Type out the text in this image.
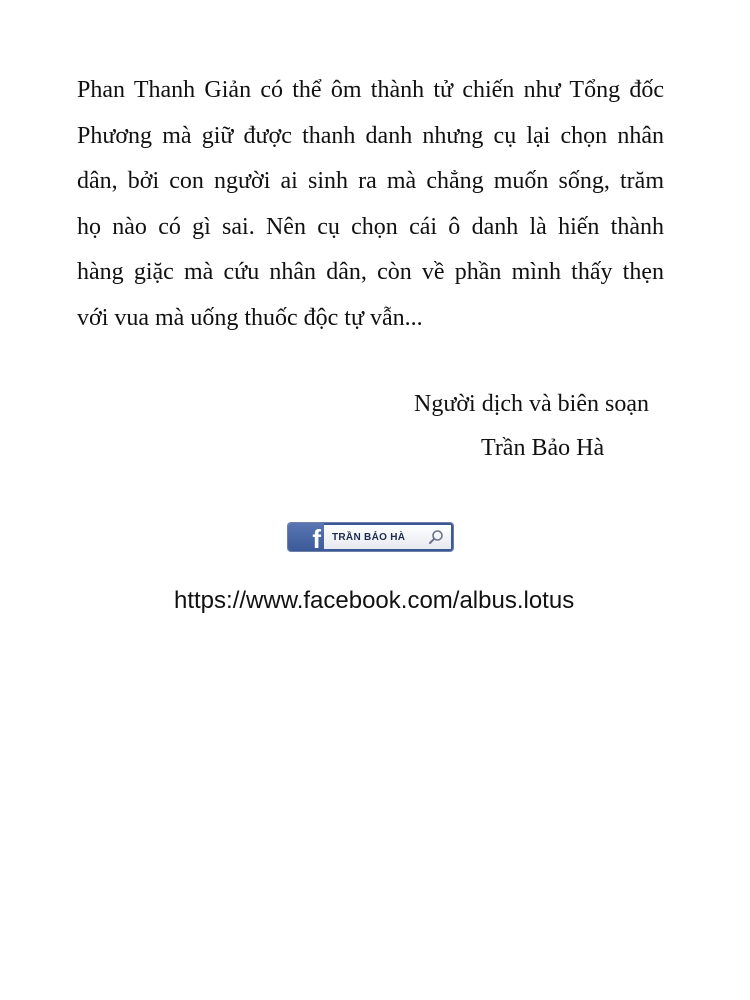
Phan Thanh Giản có thể ôm thành tử chiến như Tổng đốc
Phương mà giữ được thanh danh nhưng cụ lại chọn nhân
dân, bởi con người ai sinh ra mà chẳng muốn sống, trăm
họ nào có gì sai. Nên cụ chọn cái ô danh là hiến thành
hàng giặc mà cứu nhân dân, còn về phần mình thấy thẹn
với vua mà uống thuốc độc tự vẫn...
Người dịch và biên soạn
Trần Bảo Hà
f TRẦN BẢO HÀ
https://www.facebook.com/albus.lotus
